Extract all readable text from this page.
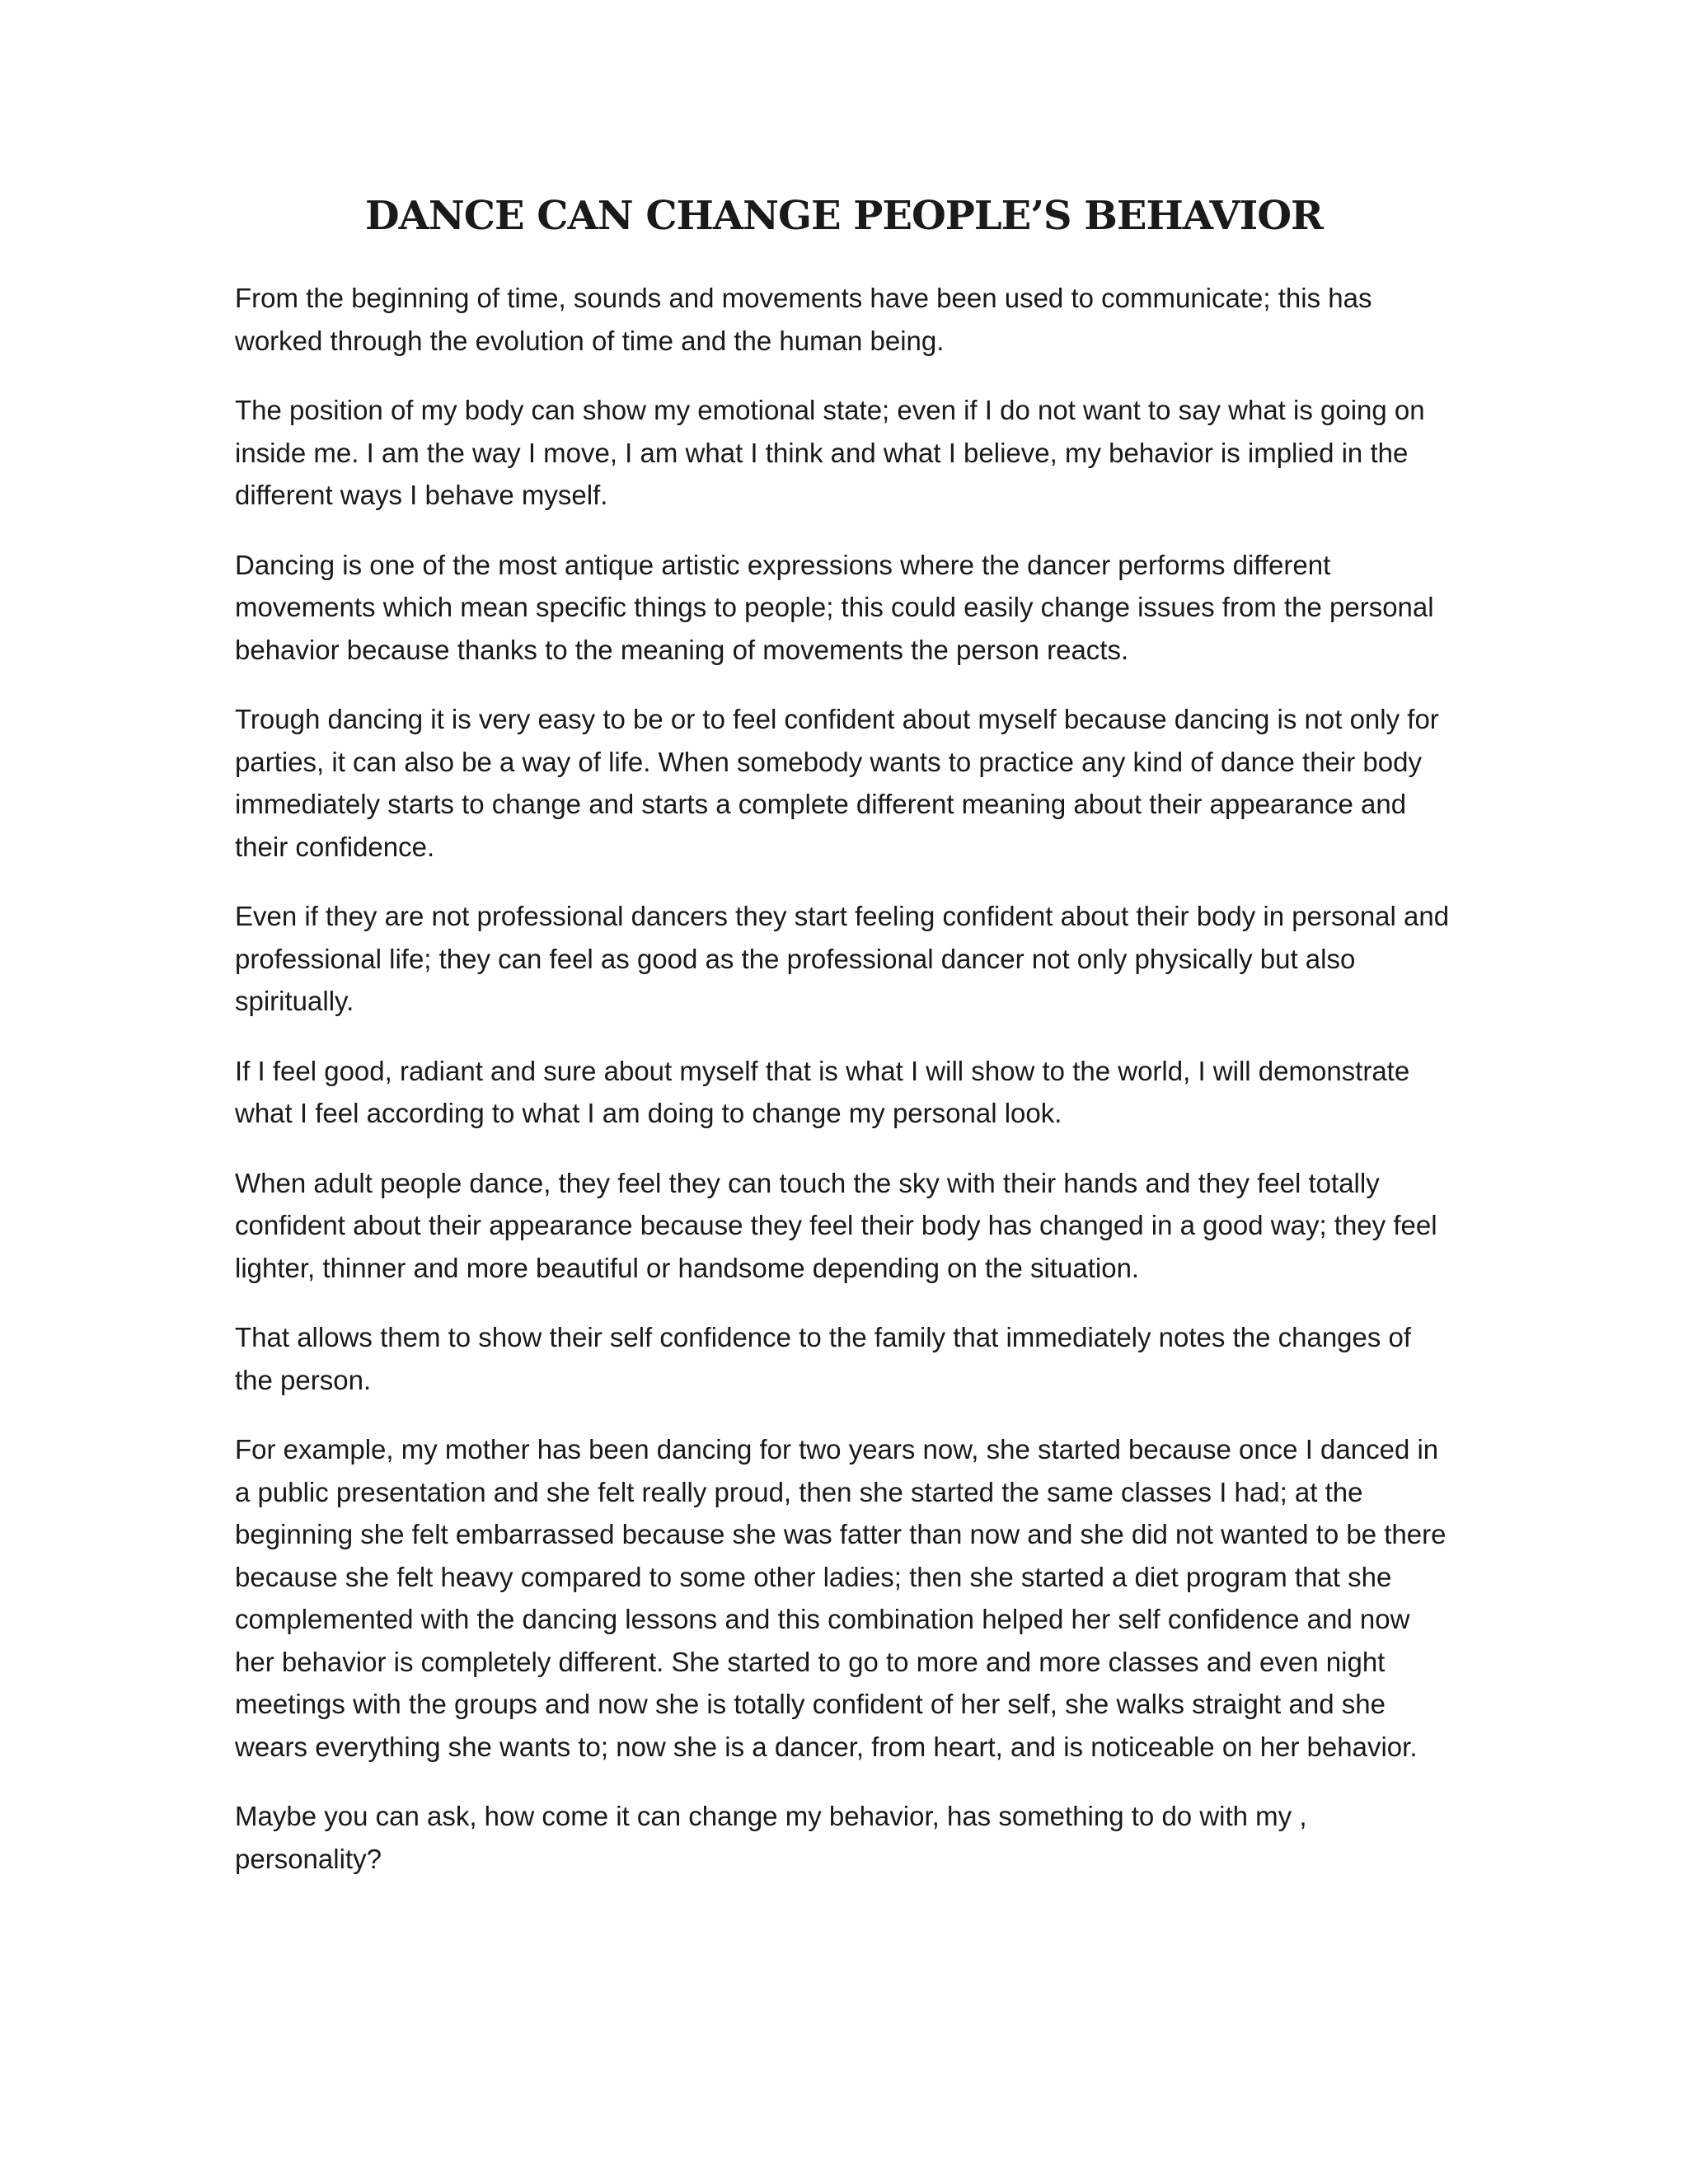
DANCE CAN CHANGE PEOPLE’S BEHAVIOR

From the beginning of time, sounds and movements have been used to communicate; this has worked through the evolution of time and the human being.

The position of my body can show my emotional state; even if I do not want to say what is going on inside me. I am the way I move, I am what I think and what I believe, my behavior is implied in the different ways I behave myself.

Dancing is one of the most antique artistic expressions where the dancer performs different movements which mean specific things to people; this could easily change issues from the personal behavior because thanks to the meaning of movements the person reacts.

Trough dancing it is very easy to be or to feel confident about myself because dancing is not only for parties, it can also be a way of life. When somebody wants to practice any kind of dance their body immediately starts to change and starts a complete different meaning about their appearance and their confidence.

Even if they are not professional dancers they start feeling confident about their body in personal and professional life; they can feel as good as the professional dancer not only physically but also spiritually.

If I feel good, radiant and sure about myself that is what I will show to the world, I will demonstrate what I feel according to what I am doing to change my personal look.

When adult people dance, they feel they can touch the sky with their hands and they feel totally confident about their appearance because they feel their body has changed in a good way; they feel lighter, thinner and more beautiful or handsome depending on the situation.

That allows them to show their self confidence to the family that immediately notes the changes of the person.

For example, my mother has been dancing for two years now, she started because once I danced in a public presentation and she felt really proud, then she started the same classes I had; at the beginning she felt embarrassed because she was fatter than now and she did not wanted to be there because she felt heavy compared to some other ladies; then she started a diet program that she complemented with the dancing lessons and this combination helped her self confidence and now her behavior is completely different. She started to go to more and more classes and even night meetings with the groups and now she is totally confident of her self, she walks straight and she wears everything she wants to; now she is a dancer, from heart, and is noticeable on her behavior.

Maybe you can ask, how come it can change my behavior, has something to do with my , personality?
